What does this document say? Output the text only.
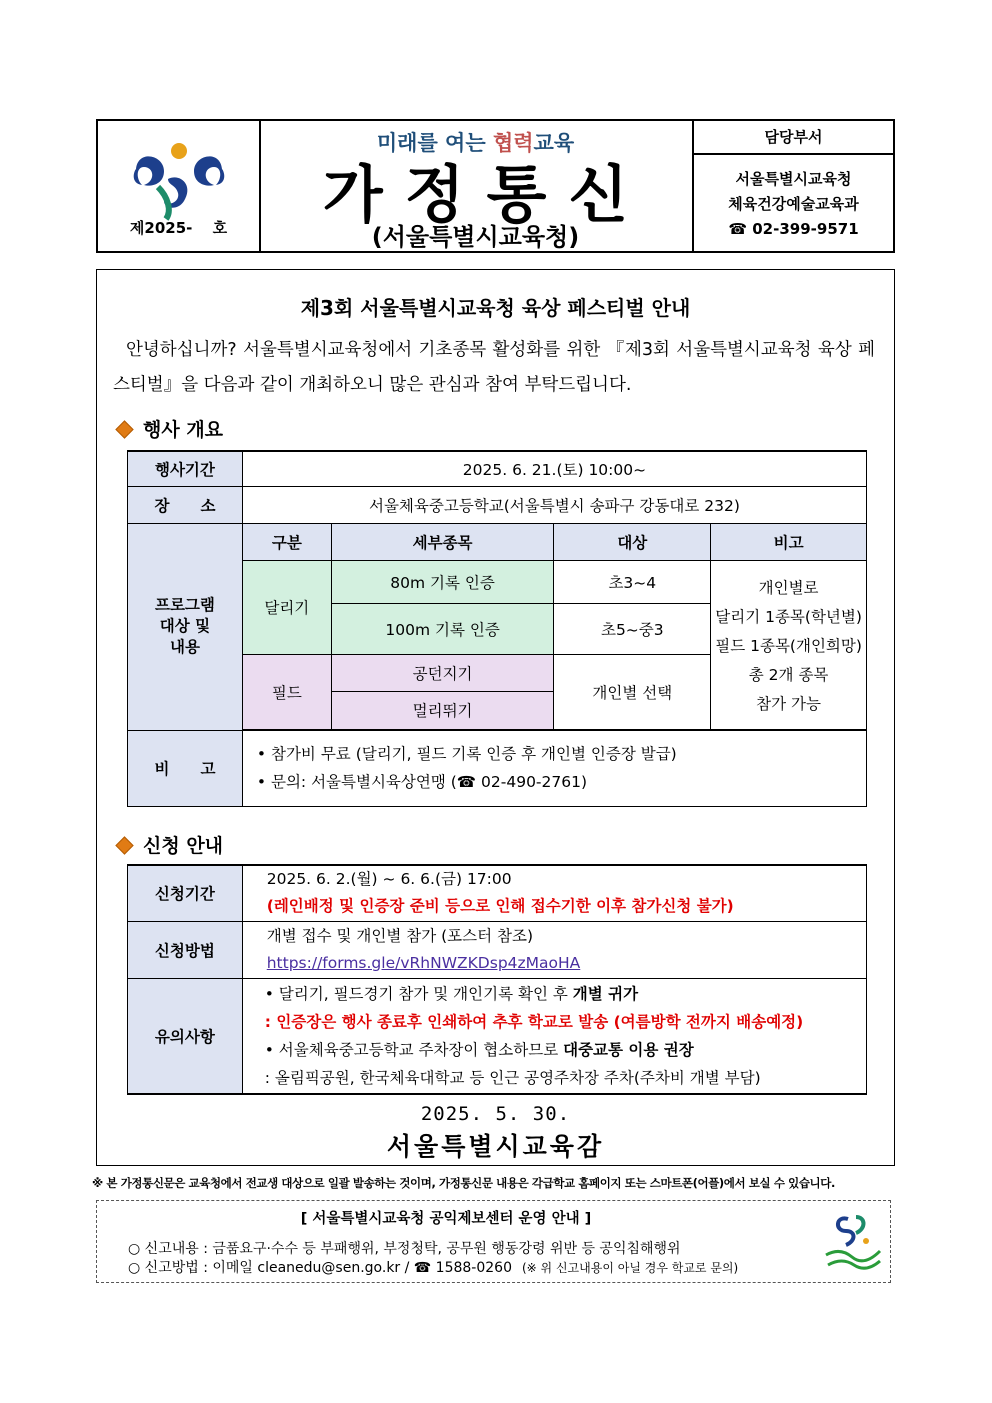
제2025-　 호
미래를 여는 협력교육
가정통신
(서울특별시교육청)
담당부서
서울특별시교육청
체육건강예술교육과
☎ 02-399-9571
제3회 서울특별시교육청 육상 페스티벌 안내

안녕하십니까? 서울특별시교육청에서 기초종목 활성화를 위한 『제3회 서울특별시교육청 육상 페스티벌』을 다음과 같이 개최하오니 많은 관심과 참여 부탁드립니다.

행사 개요
행사기간	2025. 6. 21.(토) 10:00~			
장　　소	서울체육중고등학교(서울특별시 송파구 강동대로 232)			
프로그램 대상 및 내용	구분	세부종목	대상	비고
	달리기	80m 기록 인증	초3~4	개인별로
달리기 1종목(학년별)
필드 1종목(개인희망)
총 2개 종목
참가 가능

		100m 기록 인증	초5~중3	
	필드	공던지기	개인별 선택	
		멀리뛰기		

비　　고	• 참가비 무료 (달리기, 필드 기록 인증 후 개인별 인증장 발급)
• 문의: 서울특별시육상연맹 (☎ 02-490-2761)			
신청 안내
신청기간	2025. 6. 2.(월) ~ 6. 6.(금) 17:00
(레인배정 및 인증장 준비 등으로 인해 접수기한 이후 참가신청 불가)

신청방법	개별 접수 및 개인별 참가 (포스터 참조)
https://forms.gle/vRhNWZKDsp4zMaoHA

유의사항	• 달리기, 필드경기 참가 및 개인기록 확인 후 개별 귀가
: 인증장은 행사 종료후 인쇄하여 추후 학교로 발송 (여름방학 전까지 배송예정)
• 서울체육중고등학교 주차장이 협소하므로 대중교통 이용 권장
: 올림픽공원, 한국체육대학교 등 인근 공영주차장 주차(주차비 개별 부담)
2025. 5. 30.
서울특별시교육감
※ 본 가정통신문은 교육청에서 전교생 대상으로 일괄 발송하는 것이며, 가정통신문 내용은 각급학교 홈페이지 또는 스마트폰(어플)에서 보실 수 있습니다.
[ 서울특별시교육청 공익제보센터 운영 안내 ]
○ 신고내용 : 금품요구·수수 등 부패행위, 부정청탁, 공무원 행동강령 위반 등 공익침해행위
○ 신고방법 : 이메일 cleanedu@sen.go.kr / ☎ 1588-0260 (※ 위 신고내용이 아닐 경우 학교로 문의)
